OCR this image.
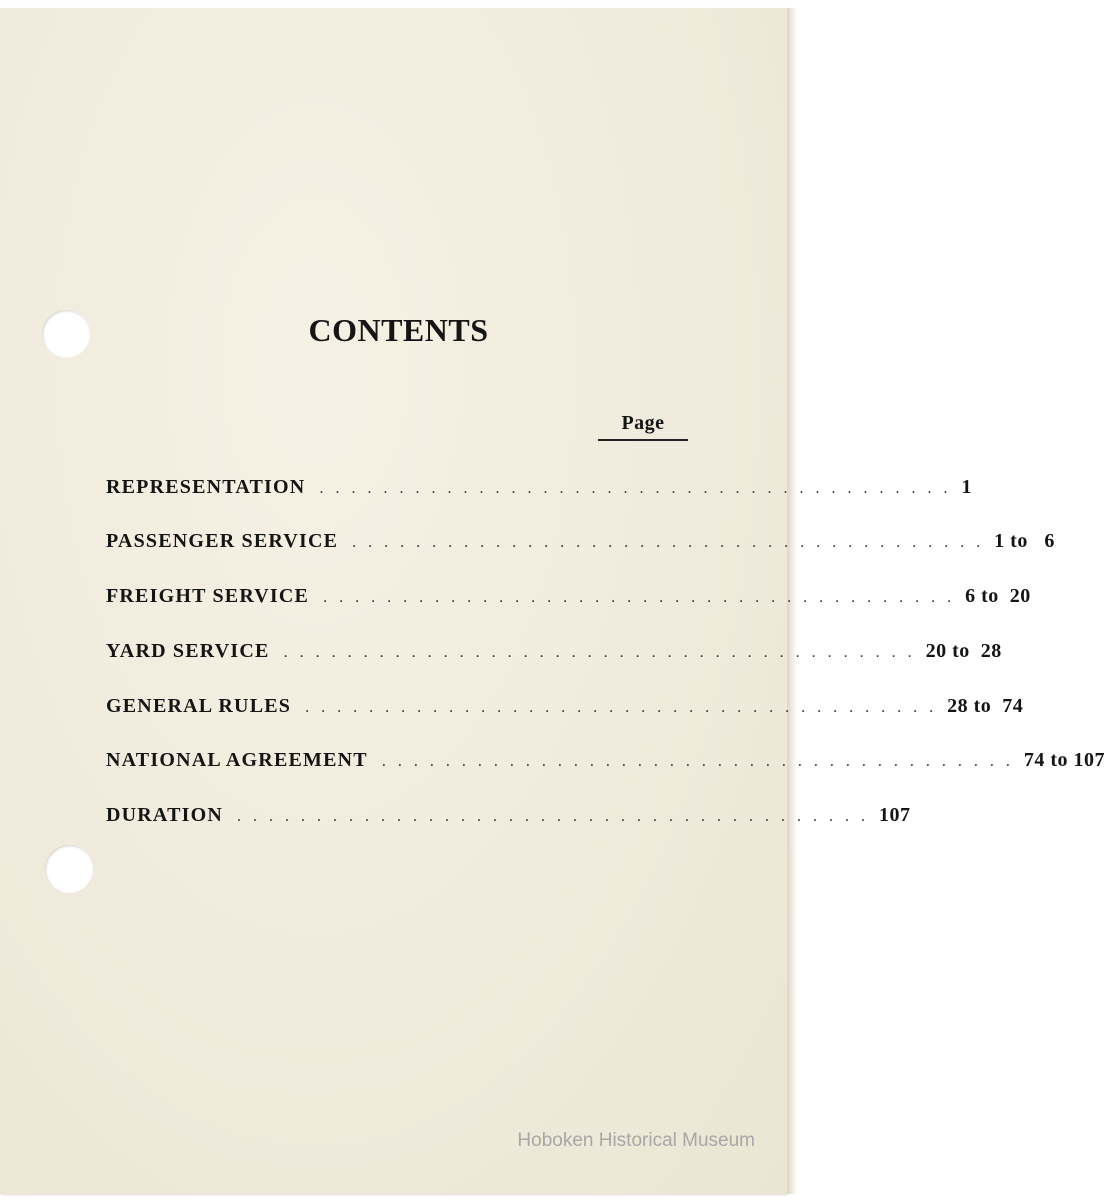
CONTENTS
Page
REPRESENTATION . . . . . . . . . . . . . . . . . . . . . . . . . . . . . . . . . . . . . . . . 1
PASSENGER SERVICE . . . . . . . . . . . . . . . . . . . . . . . . . . . . . . . . . . . . . . . . 1 to   6
FREIGHT SERVICE . . . . . . . . . . . . . . . . . . . . . . . . . . . . . . . . . . . . . . . . 6 to  20
YARD SERVICE . . . . . . . . . . . . . . . . . . . . . . . . . . . . . . . . . . . . . . . . 20 to  28
GENERAL RULES . . . . . . . . . . . . . . . . . . . . . . . . . . . . . . . . . . . . . . . . 28 to  74
NATIONAL AGREEMENT . . . . . . . . . . . . . . . . . . . . . . . . . . . . . . . . . . . . . . . . 74 to 107
DURATION . . . . . . . . . . . . . . . . . . . . . . . . . . . . . . . . . . . . . . . . 107
Hoboken Historical Museum
